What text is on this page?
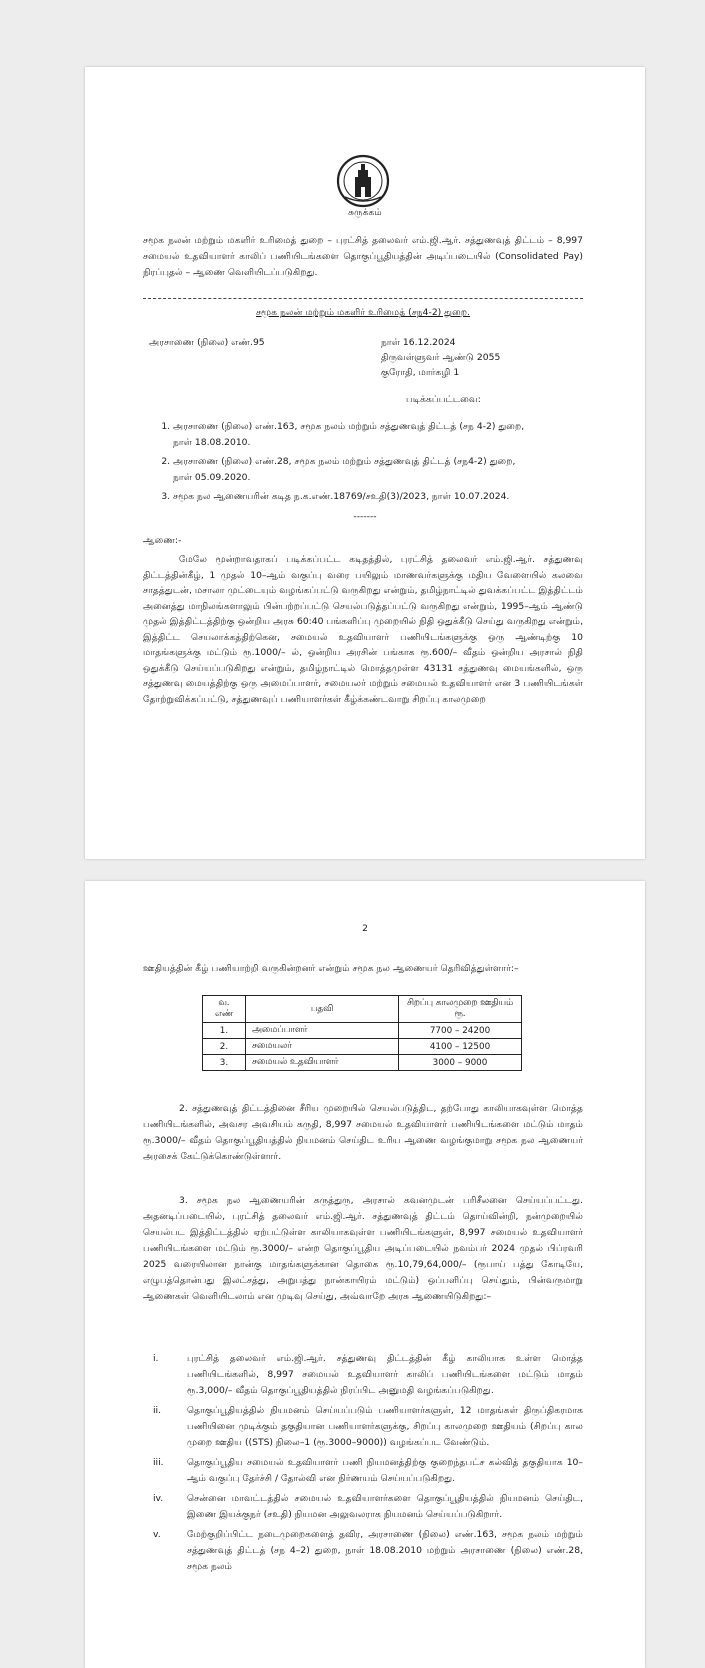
சுருக்கம்
சமூக நலன் மற்றும் மகளிர் உரிமைத் துறை – புரட்சித் தலைவர் எம்.ஜி.ஆர். சத்துணவுத் திட்டம் – 8,997 சமையல் உதவியாளர் காலிப் பணியிடங்களை தொகுப்பூதியத்தின் அடிப்படையில் (Consolidated Pay) நிரப்புதல் – ஆணை வெளியிடப்படுகிறது.
சமூக நலன் மற்றும் மகளிர் உரிமைத் (சந4-2) துறை.
அரசாணை (நிலை) எண்.95	நாள் 16.12.2024
திருவள்ளுவர் ஆண்டு 2055
குரோதி, மார்கழி 1
படிக்கப்பட்டவை:
1. அரசாணை (நிலை) எண்.163, சமூக நலம் மற்றும் சத்துணவுத் திட்டத் (சந 4-2) துறை, நாள் 18.08.2010.
2. அரசாணை (நிலை) எண்.28, சமூக நலம் மற்றும் சத்துணவுத் திட்டத் (சந4-2) துறை, நாள் 05.09.2020.
3. சமூக நல ஆணையரின் கடித ந.க.எண்.18769/சஉதி(3)/2023, நாள் 10.07.2024.
-------
ஆணை:-
மேலே மூன்றாவதாகப் படிக்கப்பட்ட கடிதத்தில், புரட்சித் தலைவர் எம்.ஜி.ஆர். சத்துணவு திட்டத்தின்கீழ், 1 முதல் 10–ஆம் வகுப்பு வரை பயிலும் மாணவர்களுக்கு மதிய வேளையில் கலவை சாதத்துடன், மசாலா முட்டையும் வழங்கப்பட்டு வருகிறது என்றும், தமிழ்நாட்டில் துவக்கப்பட்ட இத்திட்டம் அனைத்து மாநிலங்களாலும் பின்பற்றப்பட்டு செயல்படுத்தப்பட்டு வருகிறது என்றும், 1995–ஆம் ஆண்டு முதல் இத்திட்டத்திற்கு ஒன்றிய அரசு 60:40 பங்களிப்பு முறையில் நிதி ஒதுக்கீடு செய்து வருகிறது என்றும், இத்திட்ட செயலாக்கத்திற்கென, சமையல் உதவியாளர் பணியிடங்களுக்கு ஒரு ஆண்டிற்கு 10 மாதங்களுக்கு மட்டும் ரூ.1000/– ல், ஒன்றிய அரசின் பங்காக ரூ.600/– வீதம் ஒன்றிய அரசால் நிதி ஒதுக்கீடு செய்யப்படுகிறது என்றும், தமிழ்நாட்டில் மொத்தமுள்ள 43131 சத்துணவு மையங்களில், ஒரு சத்துணவு மையத்திற்கு ஒரு அமைப்பாளர், சமையலர் மற்றும் சமையல் உதவியாளர் என 3 பணியிடங்கள் தோற்றுவிக்கப்பட்டு, சத்துணவுப் பணியாளர்கள் கீழ்க்கண்டவாறு சிறப்பு காலமுறை
2
ஊதியத்தின் கீழ் பணியாற்றி வருகின்றனர் என்றும் சமூக நல ஆணையர் தெரிவித்துள்ளார்:–
வ. எண்	பதவி	சிறப்பு காலமுறை ஊதியம் ரூ.
1.	அமைப்பாளர்	7700 – 24200
2.	சமையலர்	4100 – 12500
3.	சமையல் உதவியாளர்	3000 – 9000
2. சத்துணவுத் திட்டத்தினை சீரிய முறையில் செயல்படுத்திட, தற்போது காலியாகவுள்ள மொத்த பணியிடங்களில், அவசர அவசியம் கருதி, 8,997 சமையல் உதவியாளர் பணியிடங்களை மட்டும் மாதம் ரூ.3000/– வீதம் தொகுப்பூதியத்தில் நியமனம் செய்திட உரிய ஆணை வழங்குமாறு சமூக நல ஆணையர் அரசைக் கேட்டுக்கொண்டுள்ளார்.
3. சமூக நல ஆணையரின் கருத்துரு, அரசால் கவனமுடன் பரிசீலனை செய்யப்பட்டது. அதனடிப்படையில், புரட்சித் தலைவர் எம்.ஜி.ஆர். சத்துணவுத் திட்டம் தொய்வின்றி, நன்முறையில் செயல்பட இத்திட்டத்தில் ஏற்பட்டுள்ள காலியாகவுள்ள பணியிடங்களுள், 8,997 சமையல் உதவியாளர் பணியிடங்களை மட்டும் ரூ.3000/– என்ற தொகுப்பூதிய அடிப்படையில் நவம்பர் 2024 முதல் பிப்ரவரி 2025 வரையிலான நான்கு மாதங்களுக்கான தொகை ரூ.10,79,64,000/– (ரூபாய் பத்து கோடியே, எழுபத்தொன்பது இலட்சத்து, அறுபத்து நான்காயிரம் மட்டும்) ஒப்பளிப்பு செய்தும், பின்வருமாறு ஆணைகள் வெளியிடலாம் என முடிவு செய்து, அவ்வாறே அரசு ஆணையிடுகிறது:–
i.	புரட்சித் தலைவர் எம்.ஜி.ஆர். சத்துணவு திட்டத்தின் கீழ் காலியாக உள்ள மொத்த பணியிடங்களில், 8,997 சமையல் உதவியாளர் காலிப் பணியிடங்களை மட்டும் மாதம் ரூ.3,000/– வீதம் தொகுப்பூதியத்தில் நிரப்பிட அனுமதி வழங்கப்படுகிறது.
ii.	தொகுப்பூதியத்தில் நியமனம் செய்யப்படும் பணியாளர்களுள், 12 மாதங்கள் திருப்திகரமாக பணியினை முடிக்கும் தகுதியான பணியாளர்களுக்கு, சிறப்பு காலமுறை ஊதியம் (சிறப்பு கால முறை ஊதிய ((STS) நிலை–1 (ரூ.3000–9000)) வழங்கப்பட வேண்டும்.
iii.	தொகுப்பூதிய சமையல் உதவியாளர் பணி நியமனத்திற்கு குறைந்தபட்ச கல்வித் தகுதியாக 10–ஆம் வகுப்பு தேர்ச்சி / தோல்வி என நிர்ணயம் செய்யப்படுகிறது.
iv.	சென்னை மாவட்டத்தில் சமையல் உதவியாளர்களை தொகுப்பூதியத்தில் நியமனம் செய்திட, இணை இயக்குநர் (சஉதி) நியமன அலுவலராக நியமனம் செய்யப்படுகிறார்.
v.	மேற்குறிப்பிட்ட நடைமுறைகளைத் தவிர, அரசாணை (நிலை) எண்.163, சமூக நலம் மற்றும் சத்துணவுத் திட்டத் (சந 4–2) துறை, நாள் 18.08.2010 மற்றும் அரசாணை (நிலை) எண்.28, சமூக நலம்
